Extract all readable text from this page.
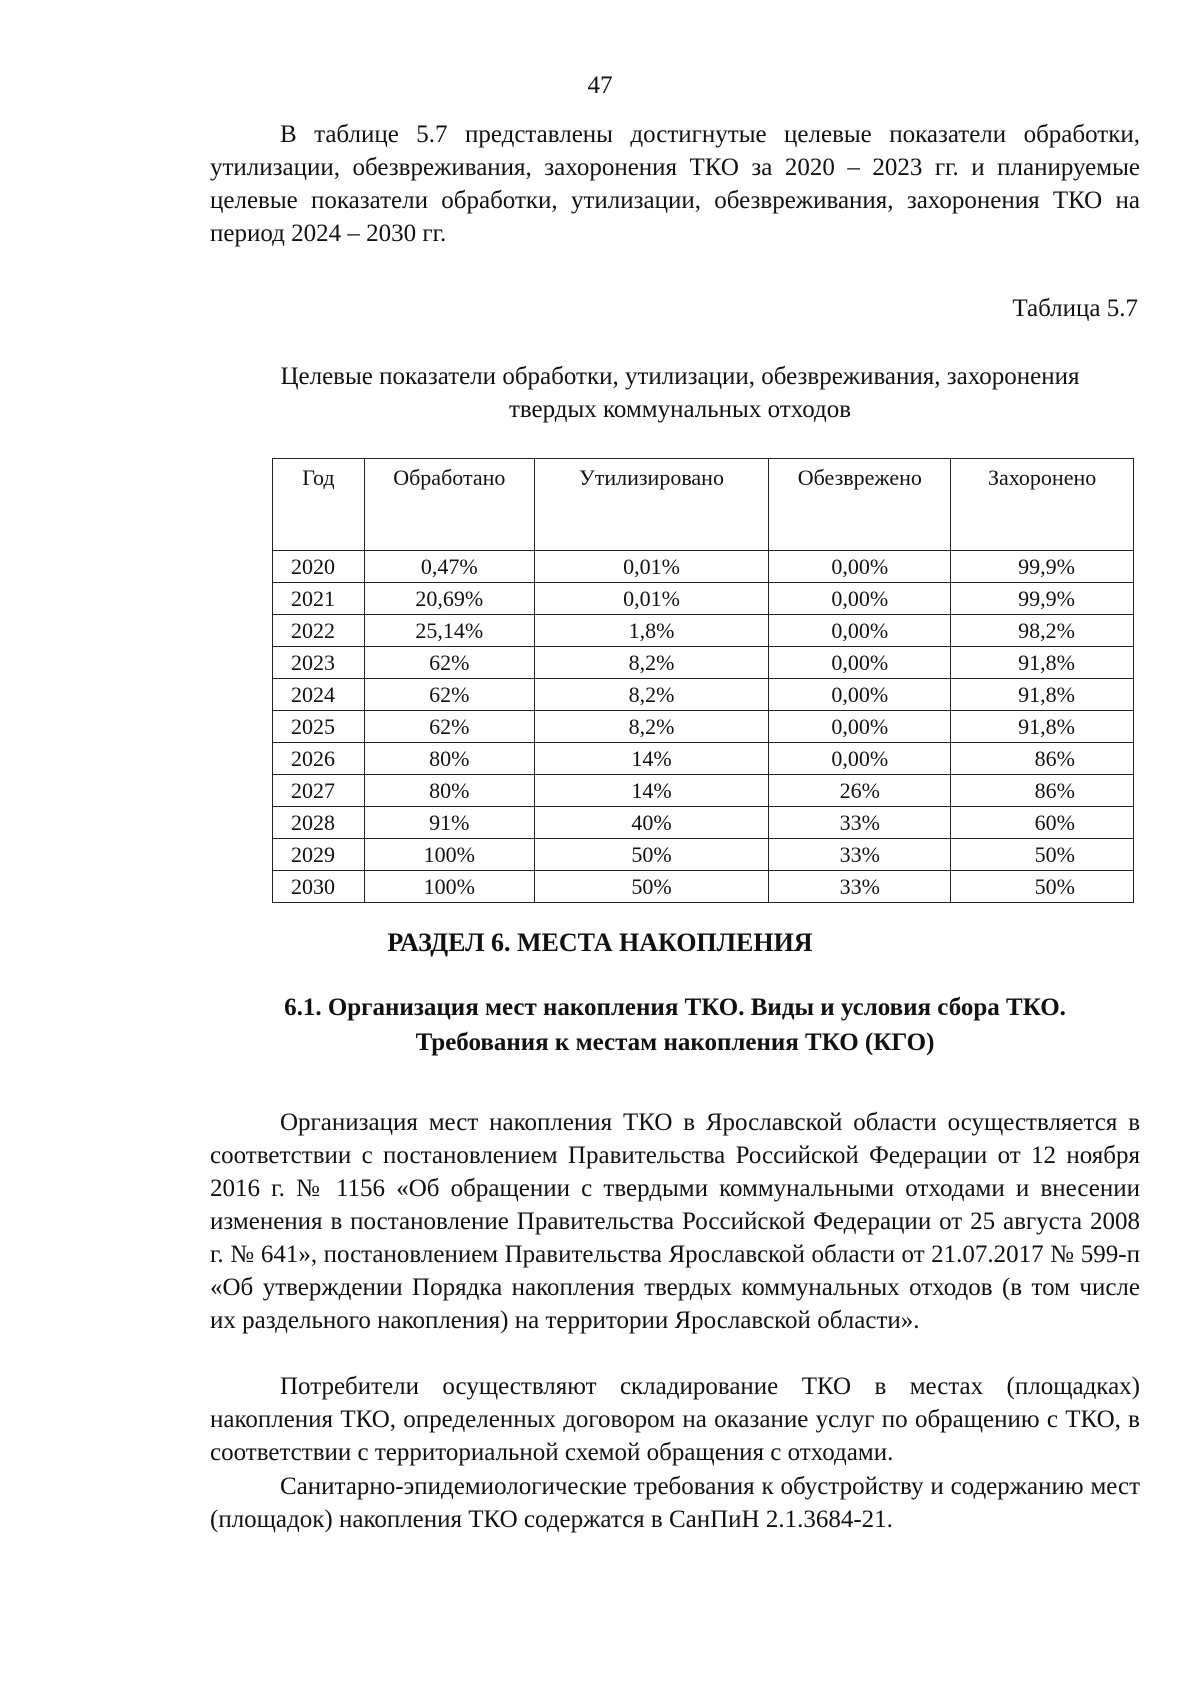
47

В таблице 5.7 представлены достигнутые целевые показатели обработки, утилизации, обезвреживания, захоронения ТКО за 2020 – 2023 гг. и планируемые целевые показатели обработки, утилизации, обезвреживания, захоронения ТКО на период 2024 – 2030 гг.

Таблица 5.7
Целевые показатели обработки, утилизации, обезвреживания, захоронения
твердых коммунальных отходов
Год	Обработано	Утилизировано	Обезврежено	Захоронено
2020	0,47%	0,01%	0,00%	99,9%
2021	20,69%	0,01%	0,00%	99,9%
2022	25,14%	1,8%	0,00%	98,2%
2023	62%	8,2%	0,00%	91,8%
2024	62%	8,2%	0,00%	91,8%
2025	62%	8,2%	0,00%	91,8%
2026	80%	14%	0,00%	86%
2027	80%	14%	26%	86%
2028	91%	40%	33%	60%
2029	100%	50%	33%	50%
2030	100%	50%	33%	50%
РАЗДЕЛ 6. МЕСТА НАКОПЛЕНИЯ
6.1. Организация мест накопления ТКО. Виды и условия сбора ТКО.
Требования к местам накопления ТКО (КГО)

Организация мест накопления ТКО в Ярославской области осуществляется в соответствии с постановлением Правительства Российской Федерации от 12 ноября 2016 г. № 1156 «Об обращении с твердыми коммунальными отходами и внесении изменения в постановление Правительства Российской Федерации от 25 августа 2008 г. № 641», постановлением Правительства Ярославской области от 21.07.2017 № 599-п «Об утверждении Порядка накопления твердых коммунальных отходов (в том числе их раздельного накопления) на территории Ярославской области».

Потребители осуществляют складирование ТКО в местах (площадках) накопления ТКО, определенных договором на оказание услуг по обращению с ТКО, в соответствии с территориальной схемой обращения с отходами.

Санитарно-эпидемиологические требования к обустройству и содержанию мест (площадок) накопления ТКО содержатся в СанПиН 2.1.3684-21.
